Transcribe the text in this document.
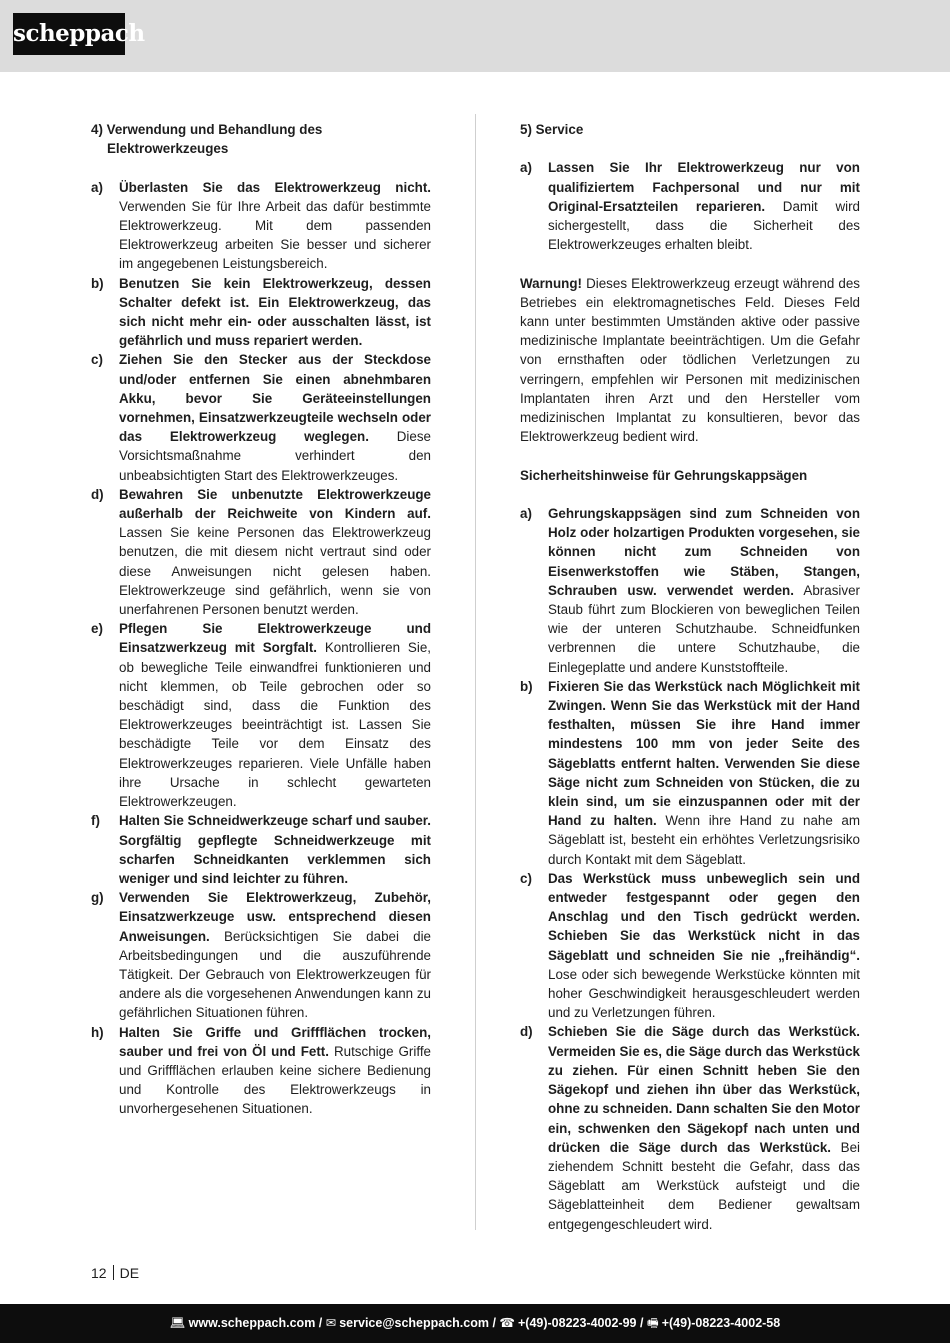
scheppach

4) Verwendung und Behandlung des Elektrowerkzeuges

a) Überlasten Sie das Elektrowerkzeug nicht. Verwenden Sie für Ihre Arbeit das dafür bestimmte Elektrowerkzeug. Mit dem passenden Elektrowerkzeug arbeiten Sie besser und sicherer im angegebenen Leistungsbereich.

b) Benutzen Sie kein Elektrowerkzeug, dessen Schalter defekt ist. Ein Elektrowerkzeug, das sich nicht mehr ein- oder ausschalten lässt, ist gefährlich und muss repariert werden.

c) Ziehen Sie den Stecker aus der Steckdose und/oder entfernen Sie einen abnehmbaren Akku, bevor Sie Geräteeinstellungen vornehmen, Einsatzwerkzeugteile wechseln oder das Elektrowerkzeug weglegen. Diese Vorsichtsmaßnahme verhindert den unbeabsichtigten Start des Elektrowerkzeuges.

d) Bewahren Sie unbenutzte Elektrowerkzeuge außerhalb der Reichweite von Kindern auf. Lassen Sie keine Personen das Elektrowerkzeug benutzen, die mit diesem nicht vertraut sind oder diese Anweisungen nicht gelesen haben. Elektrowerkzeuge sind gefährlich, wenn sie von unerfahrenen Personen benutzt werden.

e) Pflegen Sie Elektrowerkzeuge und Einsatzwerkzeug mit Sorgfalt. Kontrollieren Sie, ob bewegliche Teile einwandfrei funktionieren und nicht klemmen, ob Teile gebrochen oder so beschädigt sind, dass die Funktion des Elektrowerkzeuges beeinträchtigt ist. Lassen Sie beschädigte Teile vor dem Einsatz des Elektrowerkzeuges reparieren. Viele Unfälle haben ihre Ursache in schlecht gewarteten Elektrowerkzeugen.

f) Halten Sie Schneidwerkzeuge scharf und sauber. Sorgfältig gepflegte Schneidwerkzeuge mit scharfen Schneidkanten verklemmen sich weniger und sind leichter zu führen.

g) Verwenden Sie Elektrowerkzeug, Zubehör, Einsatzwerkzeuge usw. entsprechend diesen Anweisungen. Berücksichtigen Sie dabei die Arbeitsbedingungen und die auszuführende Tätigkeit. Der Gebrauch von Elektrowerkzeugen für andere als die vorgesehenen Anwendungen kann zu gefährlichen Situationen führen.

h) Halten Sie Griffe und Griffflächen trocken, sauber und frei von Öl und Fett. Rutschige Griffe und Griffflächen erlauben keine sichere Bedienung und Kontrolle des Elektrowerkzeugs in unvorhergesehenen Situationen.

5) Service

a) Lassen Sie Ihr Elektrowerkzeug nur von qualifiziertem Fachpersonal und nur mit Original-Ersatzteilen reparieren. Damit wird sichergestellt, dass die Sicherheit des Elektrowerkzeuges erhalten bleibt.

Warnung! Dieses Elektrowerkzeug erzeugt während des Betriebes ein elektromagnetisches Feld. Dieses Feld kann unter bestimmten Umständen aktive oder passive medizinische Implantate beeinträchtigen. Um die Gefahr von ernsthaften oder tödlichen Verletzungen zu verringern, empfehlen wir Personen mit medizinischen Implantaten ihren Arzt und den Hersteller vom medizinischen Implantat zu konsultieren, bevor das Elektrowerkzeug bedient wird.

Sicherheitshinweise für Gehrungskappsägen

a) Gehrungskappsägen sind zum Schneiden von Holz oder holzartigen Produkten vorgesehen, sie können nicht zum Schneiden von Eisenwerkstoffen wie Stäben, Stangen, Schrauben usw. verwendet werden. Abrasiver Staub führt zum Blockieren von beweglichen Teilen wie der unteren Schutzhaube. Schneidfunken verbrennen die untere Schutzhaube, die Einlegeplatte und andere Kunststoffteile.

b) Fixieren Sie das Werkstück nach Möglichkeit mit Zwingen. Wenn Sie das Werkstück mit der Hand festhalten, müssen Sie ihre Hand immer mindestens 100 mm von jeder Seite des Sägeblatts entfernt halten. Verwenden Sie diese Säge nicht zum Schneiden von Stücken, die zu klein sind, um sie einzuspannen oder mit der Hand zu halten. Wenn ihre Hand zu nahe am Sägeblatt ist, besteht ein erhöhtes Verletzungsrisiko durch Kontakt mit dem Sägeblatt.

c) Das Werkstück muss unbeweglich sein und entweder festgespannt oder gegen den Anschlag und den Tisch gedrückt werden. Schieben Sie das Werkstück nicht in das Sägeblatt und schneiden Sie nie „freihändig“. Lose oder sich bewegende Werkstücke könnten mit hoher Geschwindigkeit herausgeschleudert werden und zu Verletzungen führen.

d) Schieben Sie die Säge durch das Werkstück. Vermeiden Sie es, die Säge durch das Werkstück zu ziehen. Für einen Schnitt heben Sie den Sägekopf und ziehen ihn über das Werkstück, ohne zu schneiden. Dann schalten Sie den Motor ein, schwenken den Sägekopf nach unten und drücken die Säge durch das Werkstück. Bei ziehendem Schnitt besteht die Gefahr, dass das Sägeblatt am Werkstück aufsteigt und die Sägeblatteinheit dem Bediener gewaltsam entgegengeschleudert wird.

12 DE
💻︎ www.scheppach.com / ✉︎ service@scheppach.com / ☎︎ +(49)-08223-4002-99 / 🖷︎ +(49)-08223-4002-58
